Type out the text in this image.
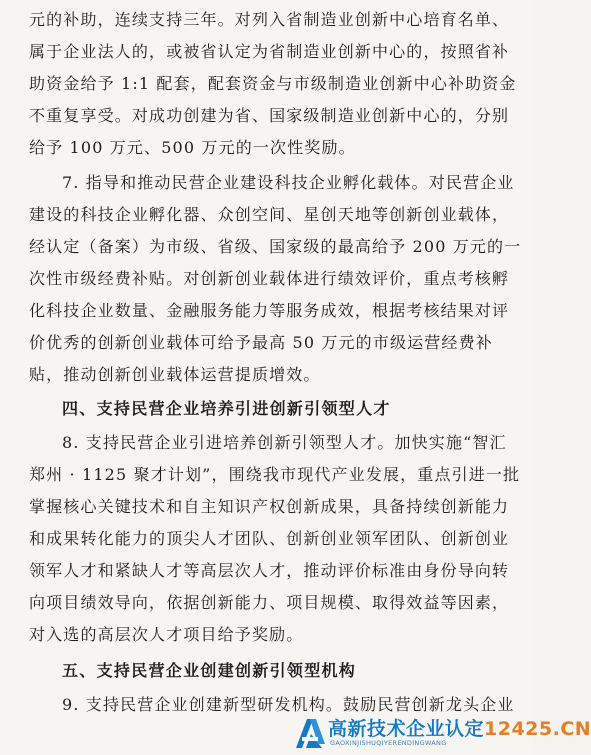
元的补助，连续支持三年。对列入省制造业创新中心培育名单、
属于企业法人的，或被省认定为省制造业创新中心的，按照省补
助资金给予 1:1 配套，配套资金与市级制造业创新中心补助资金
不重复享受。对成功创建为省、国家级制造业创新中心的，分别
给予 100 万元、500 万元的一次性奖励。
7. 指导和推动民营企业建设科技企业孵化载体。对民营企业
建设的科技企业孵化器、众创空间、星创天地等创新创业载体，
经认定（备案）为市级、省级、国家级的最高给予 200 万元的一
次性市级经费补贴。对创新创业载体进行绩效评价，重点考核孵
化科技企业数量、金融服务能力等服务成效，根据考核结果对评
价优秀的创新创业载体可给予最高 50 万元的市级运营经费补
贴，推动创新创业载体运营提质增效。
四、支持民营企业培养引进创新引领型人才
8. 支持民营企业引进培养创新引领型人才。加快实施“智汇
郑州 · 1125 聚才计划”，围绕我市现代产业发展，重点引进一批
掌握核心关键技术和自主知识产权创新成果，具备持续创新能力
和成果转化能力的顶尖人才团队、创新创业领军团队、创新创业
领军人才和紧缺人才等高层次人才，推动评价标准由身份导向转
向项目绩效导向，依据创新能力、项目规模、取得效益等因素，
对入选的高层次人才项目给予奖励。
五、支持民营企业创建创新引领型机构
9. 支持民营企业创建新型研发机构。鼓励民营创新龙头企业
高新技术企业认定12425.CN
GAOXINJISHUQIYERENDINGWANG
